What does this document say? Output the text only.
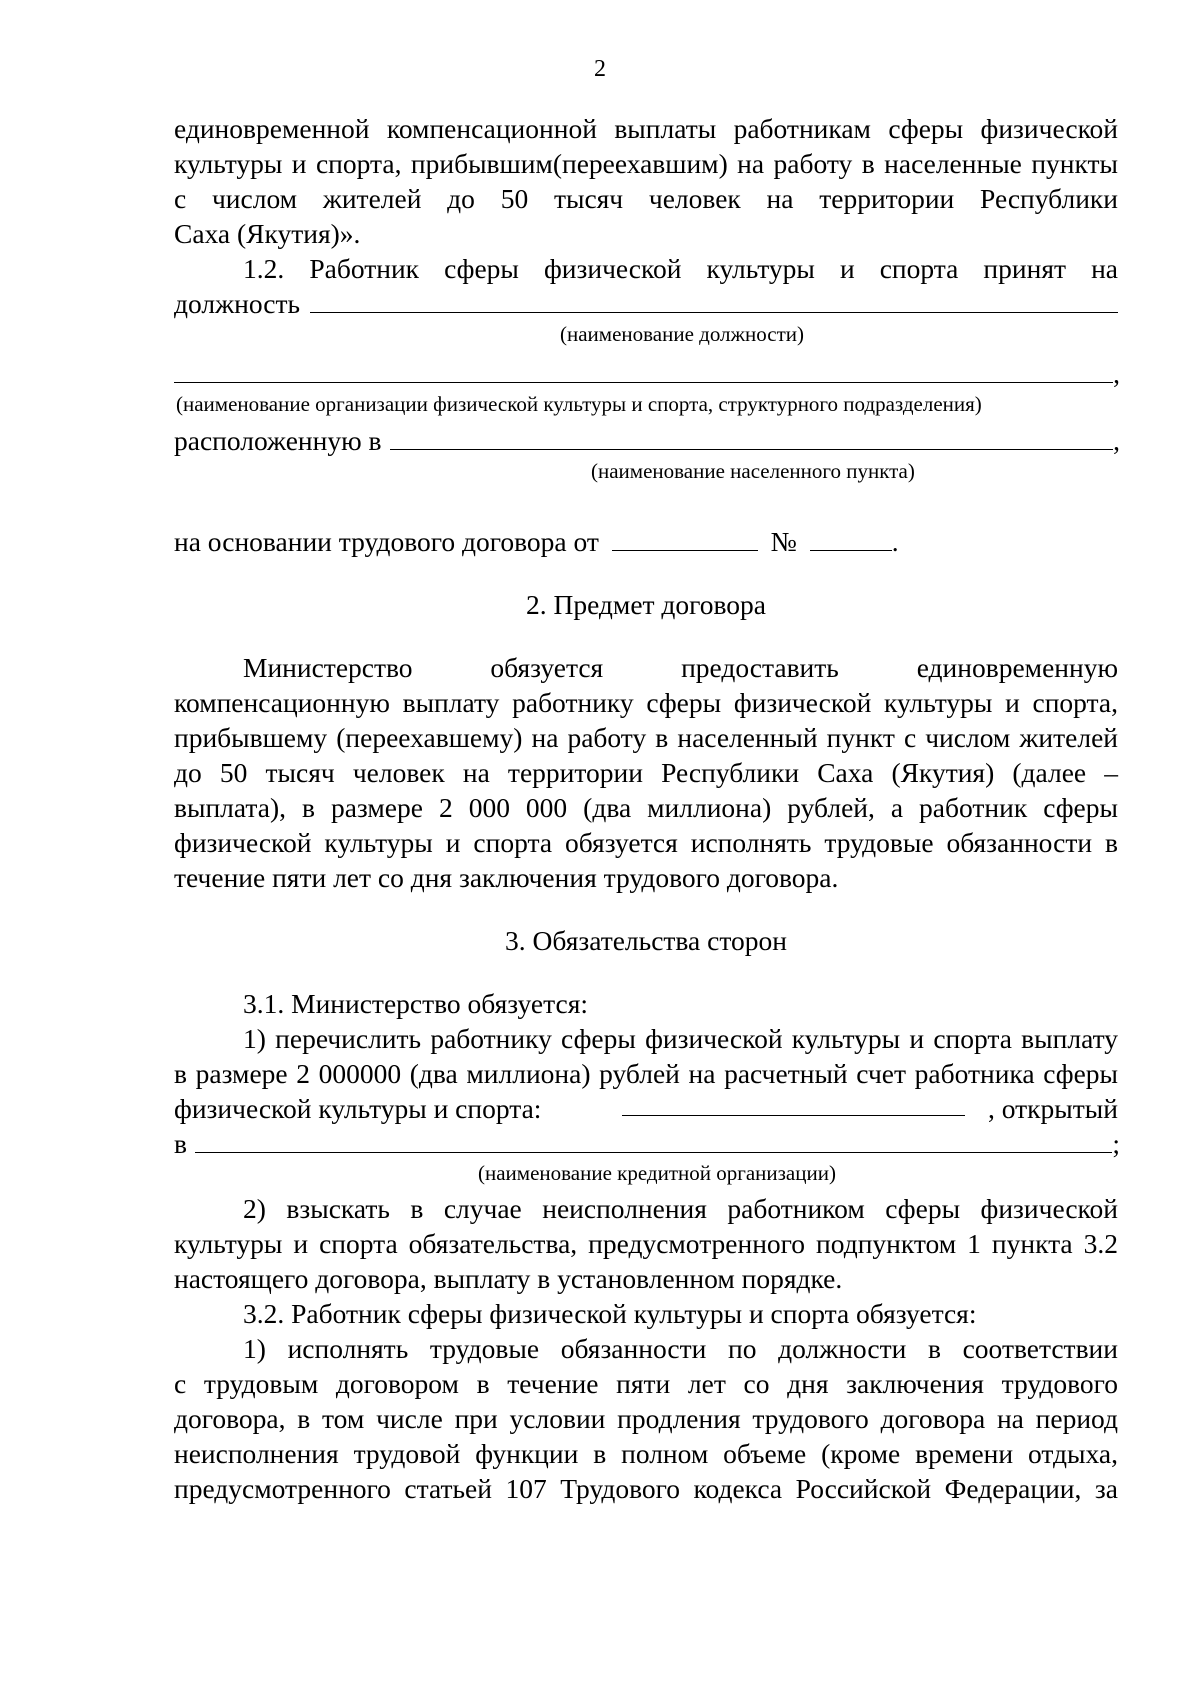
2
единовременной компенсационной выплаты работникам сферы физической
культуры и спорта, прибывшим(переехавшим) на работу в населенные пункты
с числом жителей до 50 тысяч человек на территории Республики
Саха (Якутия)».
1.2. Работник сферы физической культуры и спорта принят на
должность
(наименование должности)
,
(наименование организации физической культуры и спорта, структурного подразделения)
расположенную в	,
(наименование населенного пункта)
на основании трудового договора от	№	.
2. Предмет договора
Министерство обязуется предоставить единовременную
компенсационную выплату работнику сферы физической культуры и спорта,
прибывшему (переехавшему) на работу в населенный пункт с числом жителей
до 50 тысяч человек на территории Республики Саха (Якутия) (далее –
выплата), в размере 2 000 000 (два миллиона) рублей, а работник сферы
физической культуры и спорта обязуется исполнять трудовые обязанности в
течение пяти лет со дня заключения трудового договора.
3. Обязательства сторон
3.1. Министерство обязуется:
1) перечислить работнику сферы физической культуры и спорта выплату
в размере 2 000000 (два миллиона) рублей на расчетный счет работника сферы
физической культуры и спорта:	, открытый
в	;
(наименование кредитной организации)
2) взыскать в случае неисполнения работником сферы физической
культуры и спорта обязательства, предусмотренного подпунктом 1 пункта 3.2
настоящего договора, выплату в установленном порядке.
3.2. Работник сферы физической культуры и спорта обязуется:
1) исполнять трудовые обязанности по должности в соответствии
с трудовым договором в течение пяти лет со дня заключения трудового
договора, в том числе при условии продления трудового договора на период
неисполнения трудовой функции в полном объеме (кроме времени отдыха,
предусмотренного статьей 107 Трудового кодекса Российской Федерации, за
